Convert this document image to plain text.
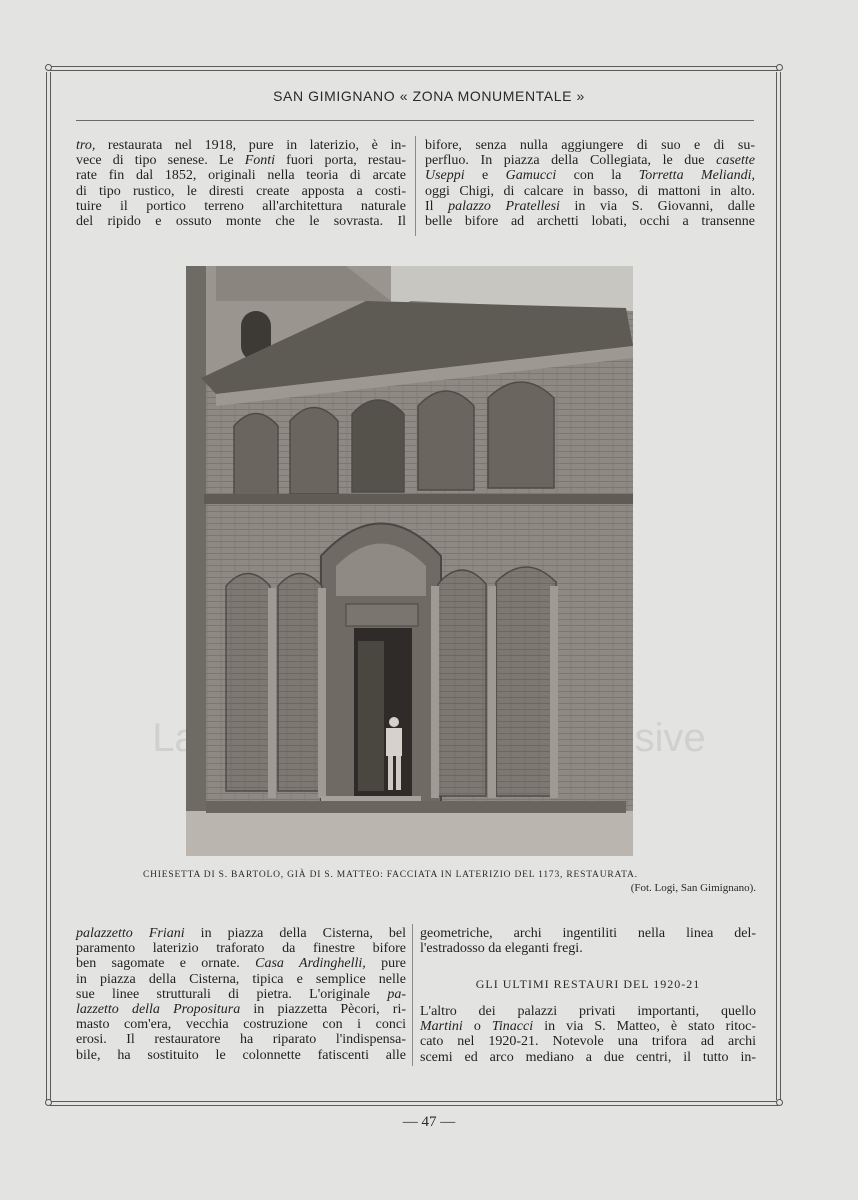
La
SAN GIMIGNANO « ZONA MONUMENTALE »
tro, restaurata nel 1918, pure in laterizio, è in-
vece di tipo senese. Le Fonti fuori porta, restau-
rate fin dal 1852, originali nella teoria di arcate
di tipo rustico, le diresti create apposta a costi-
tuire il portico terreno all'architettura naturale
del ripido e ossuto monte che le sovrasta. Il
bifore, senza nulla aggiungere di suo e di su-
perfluo. In piazza della Collegiata, le due casette
Useppi e Gamucci con la Torretta Meliandi,
oggi Chigi, di calcare in basso, di mattoni in alto.
Il palazzo Pratellesi in via S. Giovanni, dalle
belle bifore ad archetti lobati, occhi a transenne
CHIESETTA DI S. BARTOLO, GIÀ DI S. MATTEO: FACCIATA IN LATERIZIO DEL 1173, RESTAURATA.
(Fot. Logi, San Gimignano).
palazzetto Friani in piazza della Cisterna, bel
paramento laterizio traforato da finestre bifore
ben sagomate e ornate. Casa Ardinghelli, pure
in piazza della Cisterna, tipica e semplice nelle
sue linee strutturali di pietra. L'originale pa-
lazzetto della Propositura in piazzetta Pècori, ri-
masto com'era, vecchia costruzione con i conci
erosi. Il restauratore ha riparato l'indispensa-
bile, ha sostituito le colonnette fatiscenti alle
geometriche, archi ingentiliti nella linea del-
l'estradosso da eleganti fregi.
GLI ULTIMI RESTAURI DEL 1920-21
L'altro dei palazzi privati importanti, quello
Martini o Tinacci in via S. Matteo, è stato ritoc-
cato nel 1920-21. Notevole una trifora ad archi
scemi ed arco mediano a due centri, il tutto in-
— 47 —
